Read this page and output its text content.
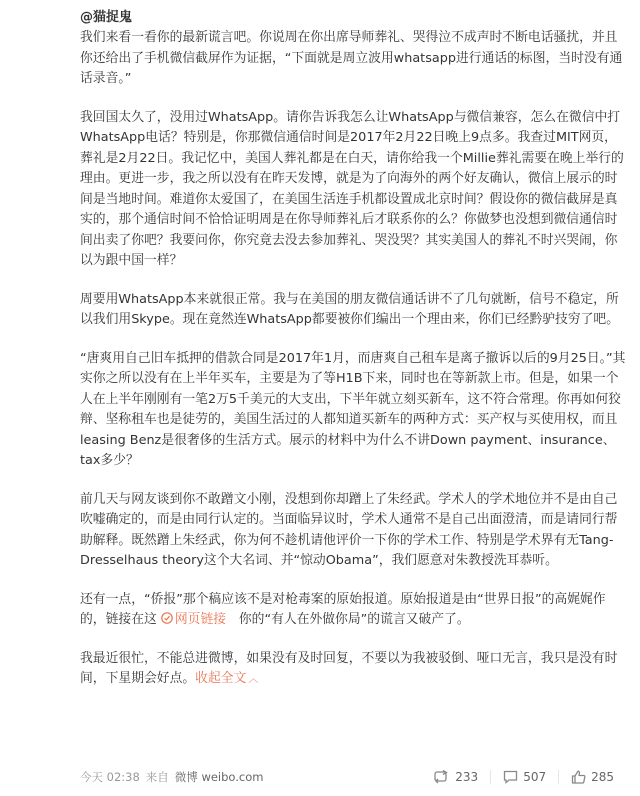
@猫捉鬼

我们来看一看你的最新谎言吧。你说周在你出席导师葬礼、哭得泣不成声时不断电话骚扰，并且你还给出了手机微信截屏作为证据，“下面就是周立波用whatsapp进行通话的标图，当时没有通话录音。”

我回国太久了，没用过WhatsApp。请你告诉我怎么让WhatsApp与微信兼容，怎么在微信中打WhatsApp电话？特别是，你那微信通信时间是2017年2月22日晚上9点多。我查过MIT网页，葬礼是2月22日。我记忆中，美国人葬礼都是在白天，请你给我一个Millie葬礼需要在晚上举行的理由。更进一步，我之所以没有在昨天发博，就是为了向海外的两个好友确认，微信上展示的时间是当地时间。难道你太爱国了，在美国生活连手机都设置成北京时间？假设你的微信截屏是真实的，那个通信时间不恰恰证明周是在你导师葬礼后才联系你的么？你做梦也没想到微信通信时间出卖了你吧？我要问你，你究竟去没去参加葬礼、哭没哭？其实美国人的葬礼不时兴哭闹，你以为跟中国一样？

周要用WhatsApp本来就很正常。我与在美国的朋友微信通话讲不了几句就断，信号不稳定，所以我们用Skype。现在竟然连WhatsApp都要被你们编出一个理由来，你们已经黔驴技穷了吧。

“唐爽用自己旧车抵押的借款合同是2017年1月，而唐爽自己租车是离子撤诉以后的9月25日。”其实你之所以没有在上半年买车，主要是为了等H1B下来，同时也在等新款上市。但是，如果一个人在上半年刚刚有一笔2万5千美元的大支出，下半年就立刻买新车，这不符合常理。你再如何狡辩、坚称租车也是徒劳的，美国生活过的人都知道买新车的两种方式：买产权与买使用权，而且leasing Benz是很奢侈的生活方式。展示的材料中为什么不讲Down payment、insurance、tax多少？

前几天与网友谈到你不敢蹭文小刚，没想到你却蹭上了朱经武。学术人的学术地位并不是由自己吹嘘确定的，而是由同行认定的。当面临异议时，学术人通常不是自己出面澄清，而是请同行帮助解释。既然蹭上朱经武，你为何不趁机请他评价一下你的学术工作、特别是学术界有无Tang-Dresselhaus theory这个大名词、并“惊动Obama”，我们愿意对朱教授洗耳恭听。

还有一点，“侨报”那个稿应该不是对枪毒案的原始报道。原始报道是由“世界日报”的高娓娓作的，链接在这 网页链接　你的“有人在外做你局”的谎言又破产了。

我最近很忙，不能总进微博，如果没有及时回复，不要以为我被驳倒、哑口无言，我只是没有时间，下星期会好点。收起全文 ︿

今天 02:38 来自 微博 weibo.com	233	507	285
